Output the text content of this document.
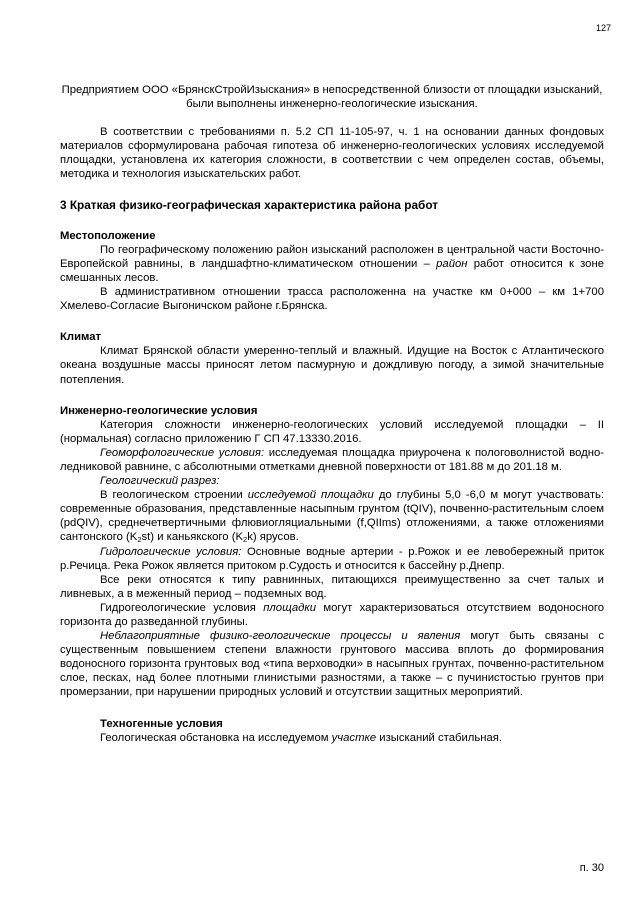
127

Предприятием ООО «БрянскСтройИзыскания» в непосредственной близости от площадки изысканий, были выполнены инженерно-геологические изыскания.

В соответствии с требованиями п. 5.2 СП 11-105-97, ч. 1 на основании данных фондовых материалов сформулирована рабочая гипотеза об инженерно-геологических условиях исследуемой площадки, установлена их категория сложности, в соответствии с чем определен состав, объемы, методика и технология изыскательских работ.

3 Краткая физико-географическая характеристика района работ

Местоположение

По географическому положению район изысканий расположен в центральной части Восточно-Европейской равнины, в ландшафтно-климатическом отношении – район работ относится к зоне смешанных лесов.

В административном отношении трасса расположенна на участке км 0+000 – км 1+700 Хмелево-Согласие Выгоничском районе г.Брянска.

Климат

Климат Брянской области умеренно-теплый и влажный. Идущие на Восток с Атлантического океана воздушные массы приносят летом пасмурную и дождливую погоду, а зимой значительные потепления.

Инженерно-геологические условия

Категория сложности инженерно-геологических условий исследуемой площадки – II (нормальная) согласно приложению Г СП 47.13330.2016.

Геоморфологические условия: исследуемая площадка приурочена к пологоволнистой водно-ледниковой равнине, с абсолютными отметками дневной поверхности от 181.88 м до 201.18 м.

Геологический разрез:

В геологическом строении исследуемой площадки до глубины 5,0 -6,0 м могут участвовать: современные образования, представленные насыпным грунтом (tQIV), почвенно-растительным слоем (pdQIV), среднечетвертичными флювиогляциальными (f,QIIms) отложениями, а также отложениями сантонского $(K_2st)$ и каньякского $(K_2k)$ ярусов.

Гидрологические условия: Основные водные артерии - р.Рожок и ее левобережный приток р.Речица. Река Рожок является притоком р.Судость и относится к бассейну р.Днепр.

Все реки относятся к типу равнинных, питающихся преимущественно за счет талых и ливневых, а в меженный период – подземных вод.

Гидрогеологические условия площадки могут характеризоваться отсутствием водоносного горизонта до разведанной глубины.

Неблагоприятные физико-геологические процессы и явления могут быть связаны с существенным повышением степени влажности грунтового массива вплоть до формирования водоносного горизонта грунтовых вод «типа верховодки» в насыпных грунтах, почвенно-растительном слое, песках, над более плотными глинистыми разностями, а также – с пучинистостью грунтов при промерзании, при нарушении природных условий и отсутствии защитных мероприятий.

Техногенные условия

Геологическая обстановка на исследуемом участке изысканий стабильная.

п. 30
